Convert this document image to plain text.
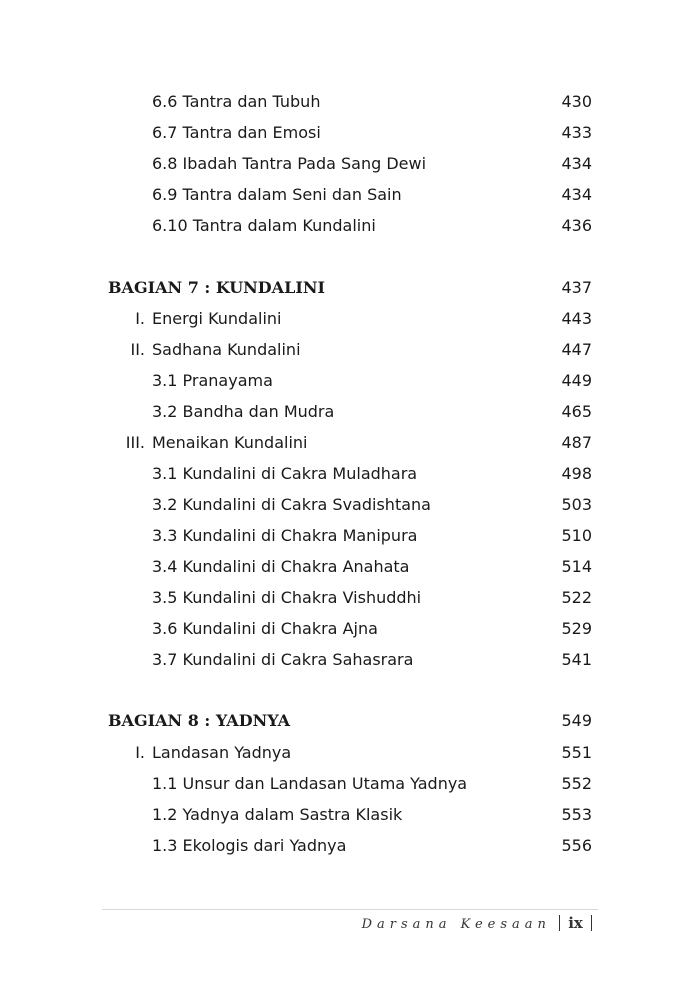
6.6 Tantra dan Tubuh	430
6.7 Tantra dan Emosi	433
6.8 Ibadah Tantra Pada Sang Dewi	434
6.9 Tantra dalam Seni dan Sain	434
6.10 Tantra dalam Kundalini	436
BAGIAN 7 : KUNDALINI	437
I. Energi Kundalini	443
II. Sadhana Kundalini	447
3.1 Pranayama	449
3.2 Bandha dan Mudra	465
III. Menaikan Kundalini	487
3.1 Kundalini di Cakra Muladhara	498
3.2 Kundalini di Cakra Svadishtana	503
3.3 Kundalini di Chakra Manipura	510
3.4 Kundalini di Chakra Anahata	514
3.5 Kundalini di Chakra Vishuddhi	522
3.6 Kundalini di Chakra Ajna	529
3.7 Kundalini di Cakra Sahasrara	541
BAGIAN 8 : YADNYA	549
I. Landasan Yadnya	551
1.1 Unsur dan Landasan Utama Yadnya	552
1.2 Yadnya dalam Sastra Klasik	553
1.3 Ekologis dari Yadnya	556
Darsana Keesaan ix
